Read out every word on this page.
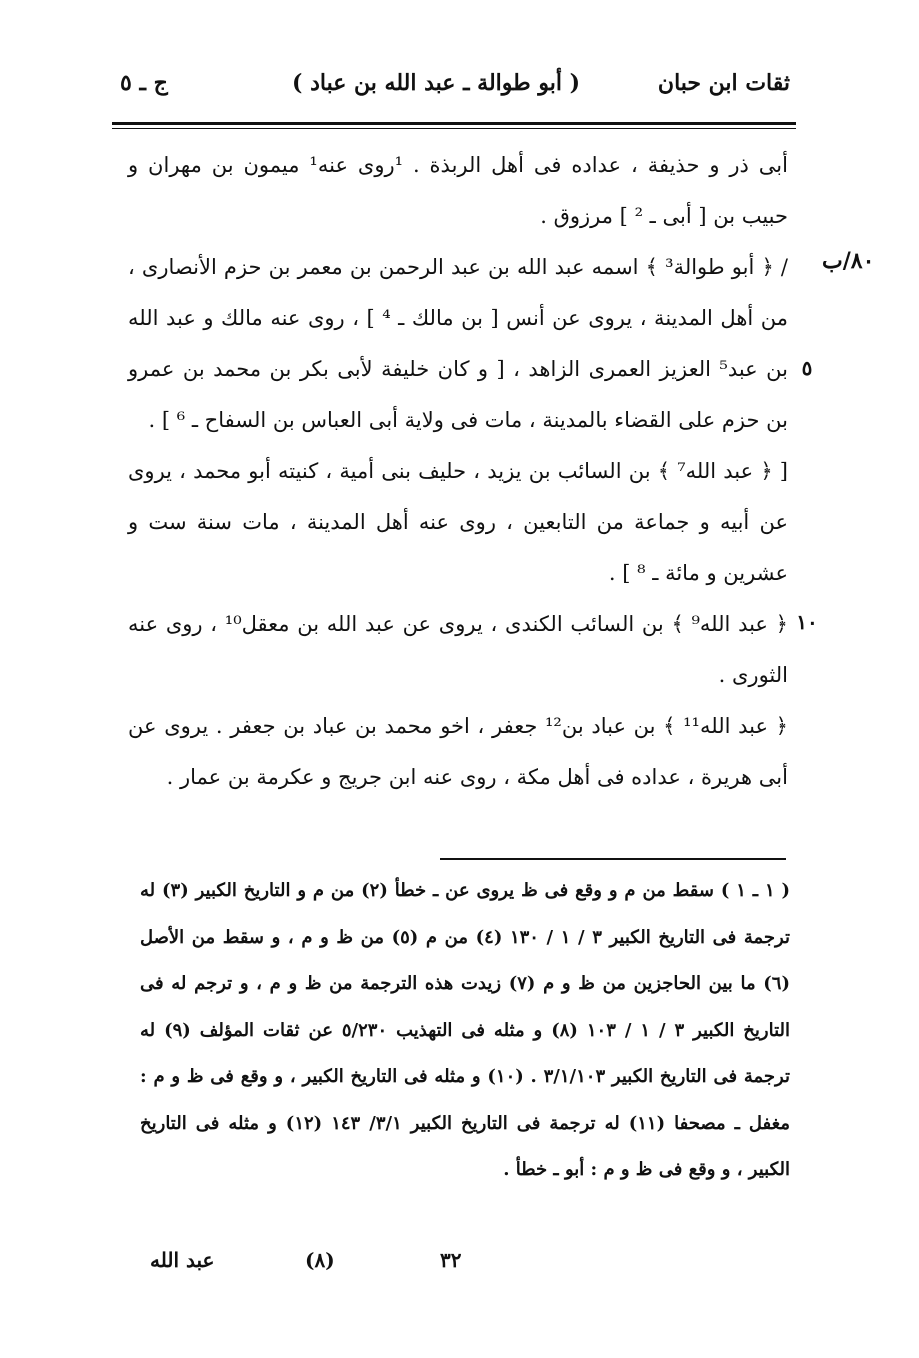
ثقات ابن حبان
( أبو طوالة ـ عبد الله بن عباد )
ج ـ ٥
٨٠/ب
٥
١٠

أبى ذر و حذيفة ، عداده فى أهل الربذة . ¹روى عنه¹ ميمون بن مهران و حبيب بن [ أبى ـ ² ] مرزوق .

/ ﴿ أبو طوالة³ ﴾ اسمه عبد الله بن عبد الرحمن بن معمر بن حزم الأنصارى ، من أهل المدينة ، يروى عن أنس [ بن مالك ـ ⁴ ] ، روى عنه مالك و عبد الله بن عبد⁵ العزيز العمرى الزاهد ، [ و كان خليفة لأبى بكر بن محمد بن عمرو بن حزم على القضاء بالمدينة ، مات فى ولاية أبى العباس بن السفاح ـ ⁶ ] .

[ ﴿ عبد الله⁷ ﴾ بن السائب بن يزيد ، حليف بنى أمية ، كنيته أبو محمد ، يروى عن أبيه و جماعة من التابعين ، روى عنه أهل المدينة ، مات سنة ست و عشرين و مائة ـ ⁸ ] .

﴿ عبد الله⁹ ﴾ بن السائب الكندى ، يروى عن عبد الله بن معقل¹⁰ ، روى عنه الثورى .

﴿ عبد الله¹¹ ﴾ بن عباد بن¹² جعفر ، اخو محمد بن عباد بن جعفر . يروى عن أبى هريرة ، عداده فى أهل مكة ، روى عنه ابن جريج و عكرمة بن عمار .

( ١ ـ ١ ) سقط من م و وقع فى ظ يروى عن ـ خطأ (٢) من م و التاريخ الكبير (٣) له ترجمة فى التاريخ الكبير ٣ / ١ / ١٣٠ (٤) من م (٥) من ظ و م ، و سقط من الأصل (٦) ما بين الحاجزين من ظ و م (٧) زيدت هذه الترجمة من ظ و م ، و ترجم له فى التاريخ الكبير ٣ / ١ / ١٠٣ (٨) و مثله فى التهذيب ٥/٢٣٠ عن ثقات المؤلف (٩) له ترجمة فى التاريخ الكبير ٣/١/١٠٣ . (١٠) و مثله فى التاريخ الكبير ، و وقع فى ظ و م : مغفل ـ مصحفا (١١) له ترجمة فى التاريخ الكبير ٣/١/ ١٤٣ (١٢) و مثله فى التاريخ الكبير ، و وقع فى ظ و م : أبو ـ خطأ .

٣٢
(٨)
عبد الله
